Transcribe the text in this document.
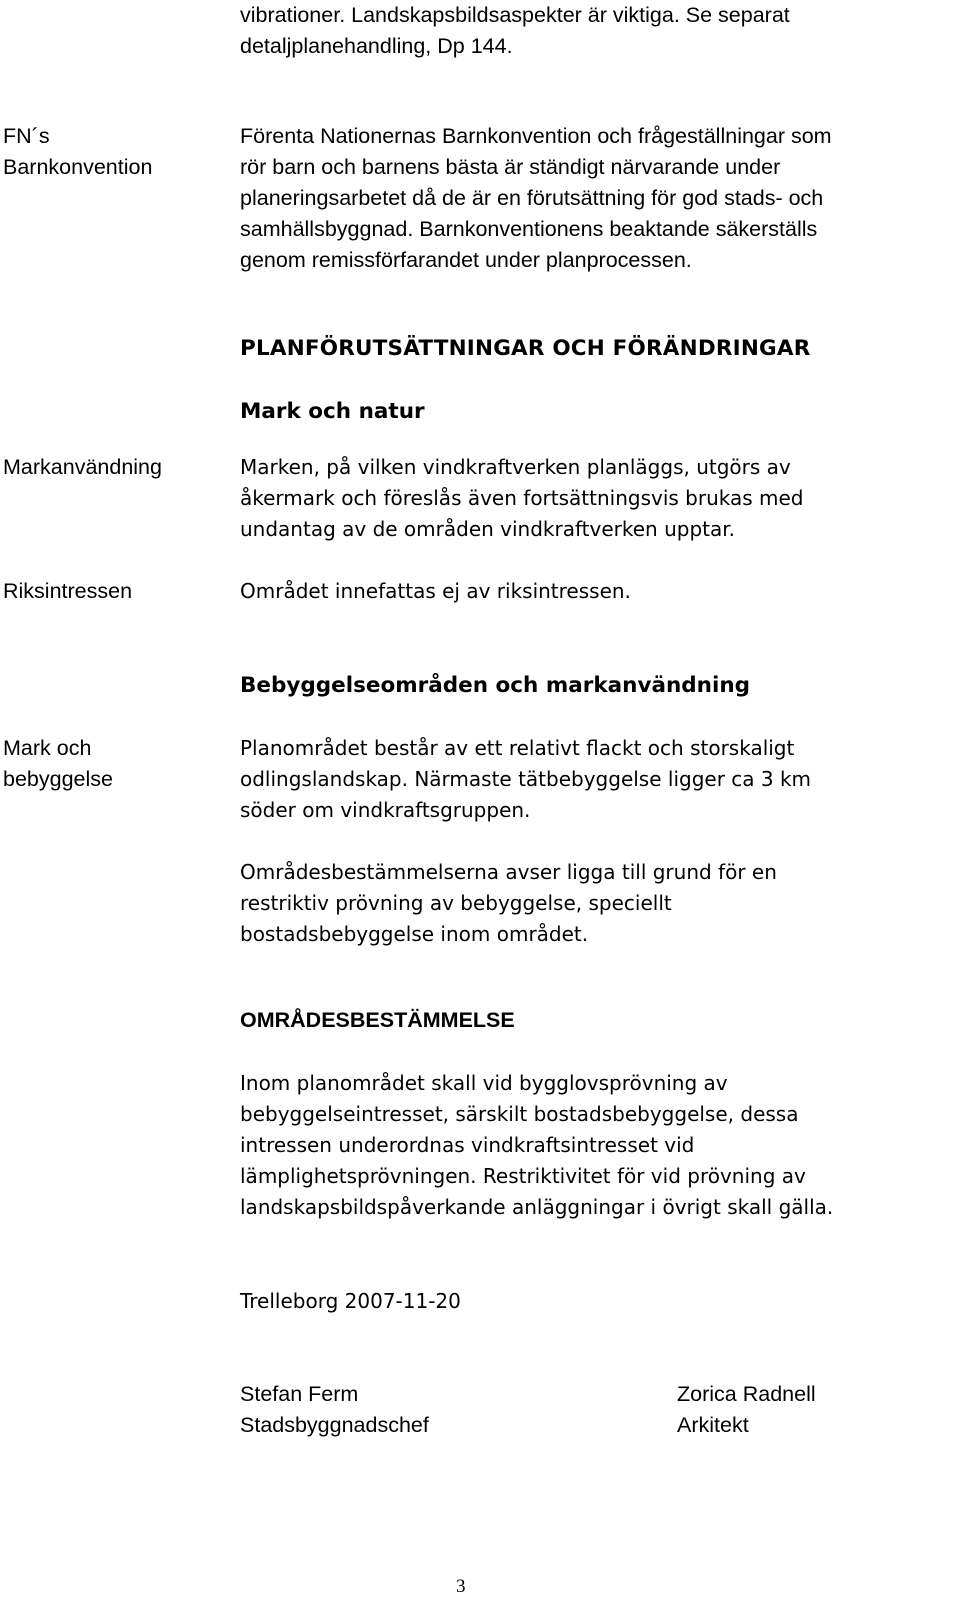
vibrationer. Landskapsbildsaspekter är viktiga. Se separat
detaljplanehandling, Dp 144.
FN´s
Barnkonvention
Förenta Nationernas Barnkonvention och frågeställningar som
rör barn och barnens bästa är ständigt närvarande under
planeringsarbetet då de är en förutsättning för god stads- och
samhällsbyggnad. Barnkonventionens beaktande säkerställs
genom remissförfarandet under planprocessen.
PLANFÖRUTSÄTTNINGAR OCH FÖRÄNDRINGAR
Mark och natur
Markanvändning	Marken, på vilken vindkraftverken planläggs, utgörs av
åkermark och föreslås även fortsättningsvis brukas med
undantag av de områden vindkraftverken upptar.
Riksintressen	Området innefattas ej av riksintressen.
Bebyggelseområden och markanvändning
Mark och
bebyggelse
Planområdet består av ett relativt flackt och storskaligt
odlingslandskap. Närmaste tätbebyggelse ligger ca 3 km
söder om vindkraftsgruppen.
Områdesbestämmelserna avser ligga till grund för en
restriktiv prövning av bebyggelse, speciellt
bostadsbebyggelse inom området.
OMRÅDESBESTÄMMELSE
Inom planområdet skall vid bygglovsprövning av
bebyggelseintresset, särskilt bostadsbebyggelse, dessa
intressen underordnas vindkraftsintresset vid
lämplighetsprövningen. Restriktivitet för vid prövning av
landskapsbildspåverkande anläggningar i övrigt skall gälla.
Trelleborg 2007-11-20
Stefan Ferm
Stadsbyggnadschef
Zorica Radnell
Arkitekt
3
